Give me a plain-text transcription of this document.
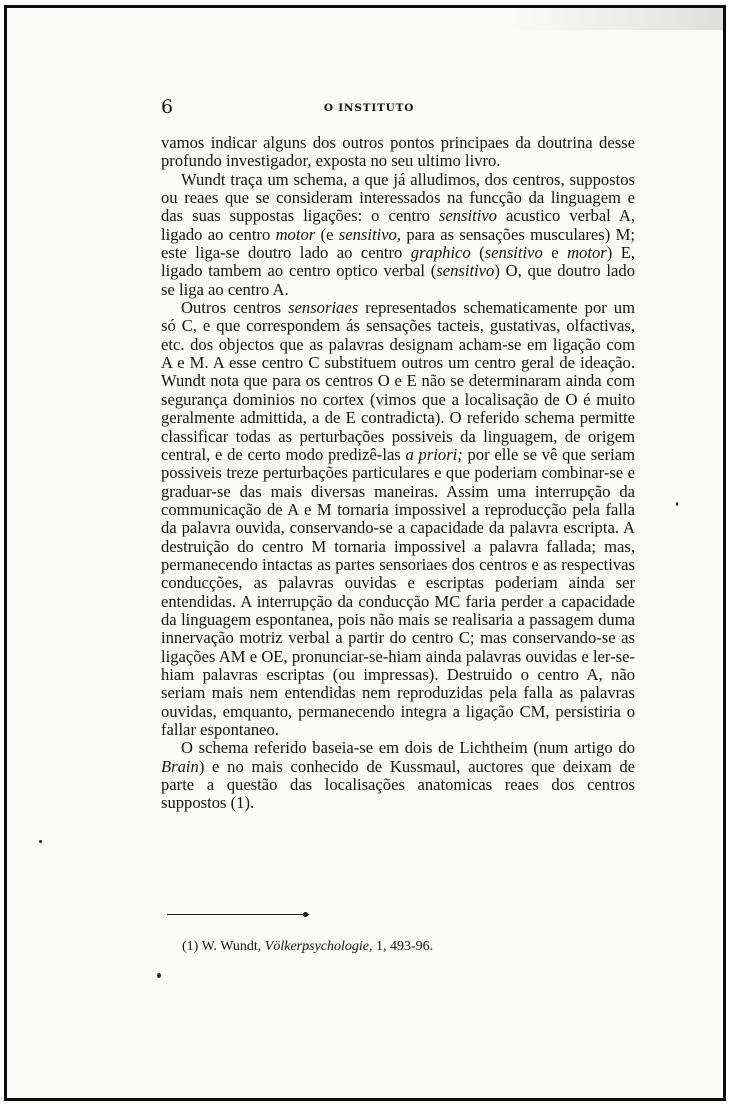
6	O INSTITUTO

vamos indicar alguns dos outros pontos principaes da doutrina desse profundo investigador, exposta no seu ultimo livro.

Wundt traça um schema, a que já alludimos, dos centros, suppostos ou reaes que se consideram interessados na funcção da linguagem e das suas suppostas ligações: o centro sensitivo acustico verbal A, ligado ao centro motor (e sensitivo, para as sensações musculares) M; este liga-se doutro lado ao centro graphico (sensitivo e motor) E, ligado tambem ao centro optico verbal (sensitivo) O, que doutro lado se liga ao centro A.

Outros centros sensoriaes representados schematicamente por um só C, e que correspondem ás sensações tacteis, gustativas, olfactivas, etc. dos objectos que as palavras designam acham-se em ligação com A e M. A esse centro C substituem outros um centro geral de ideação. Wundt nota que para os centros O e E não se determinaram ainda com segurança dominios no cortex (vimos que a localisação de O é muito geralmente admittida, a de E contradicta). O referido schema permitte classificar todas as perturbações possiveis da linguagem, de origem central, e de certo modo predizê-las a priori; por elle se vê que seriam possiveis treze perturbações particulares e que poderiam combinar-se e graduar-se das mais diversas maneiras. Assim uma interrupção da communicação de A e M tornaria impossivel a reproducção pela falla da palavra ouvida, conservando-se a capacidade da palavra escripta. A destruição do centro M tornaria impossivel a palavra fallada; mas, permanecendo intactas as partes sensoriaes dos centros e as respectivas conducções, as palavras ouvidas e escriptas poderiam ainda ser entendidas. A interrupção da conducção MC faria perder a capacidade da linguagem espontanea, pois não mais se realisaria a passagem duma innervação motriz verbal a partir do centro C; mas conservando-se as ligações AM e OE, pronunciar-se-hiam ainda palavras ouvidas e ler-se-hiam palavras escriptas (ou impressas). Destruido o centro A, não seriam mais nem entendidas nem reproduzidas pela falla as palavras ouvidas, emquanto, permanecendo integra a ligação CM, persistiria o fallar espontaneo.

O schema referido baseia-se em dois de Lichtheim (num artigo do Brain) e no mais conhecido de Kussmaul, auctores que deixam de parte a questão das localisações anatomicas reaes dos centros suppostos (1).

(1) W. Wundt, Völkerpsychologie, 1, 493-96.
